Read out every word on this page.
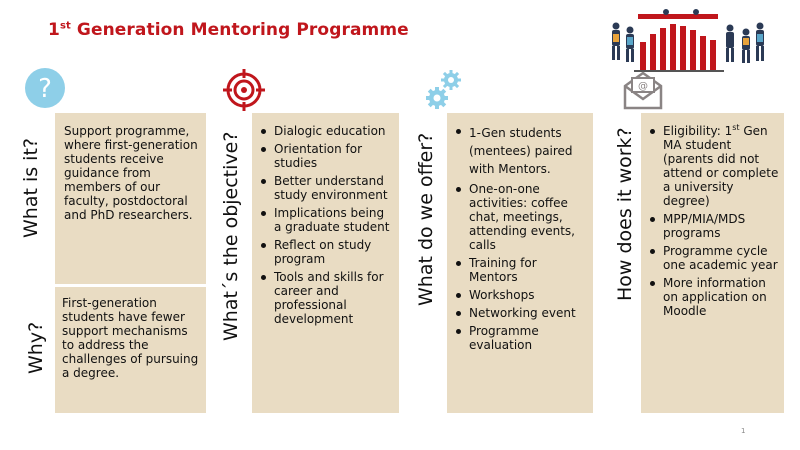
1st Generation Mentoring Programme
?
What is it?
Support programme, where first-generation students receive guidance from members of our faculty, postdoctoral and PhD researchers.
Why?
First-generation students have fewer support mechanisms to address the challenges of pursuing a degree.
What´s the objective?
Dialogic education
Orientation for studies
Better understand study environment
Implications being a graduate student
Reflect on study program
Tools and skills for career and professional development
What do we offer?	1-Gen students (mentees) paired with Mentors.
One-on-one activities: coffee chat, meetings, attending events, calls
Training for Mentors
Workshops
Networking event
Programme evaluation
@
How does it work?	Eligibility: 1st Gen MA student (parents did not attend or complete a university degree)
MPP/MIA/MDS programs
Programme cycle one academic year
More information on application on Moodle
1
